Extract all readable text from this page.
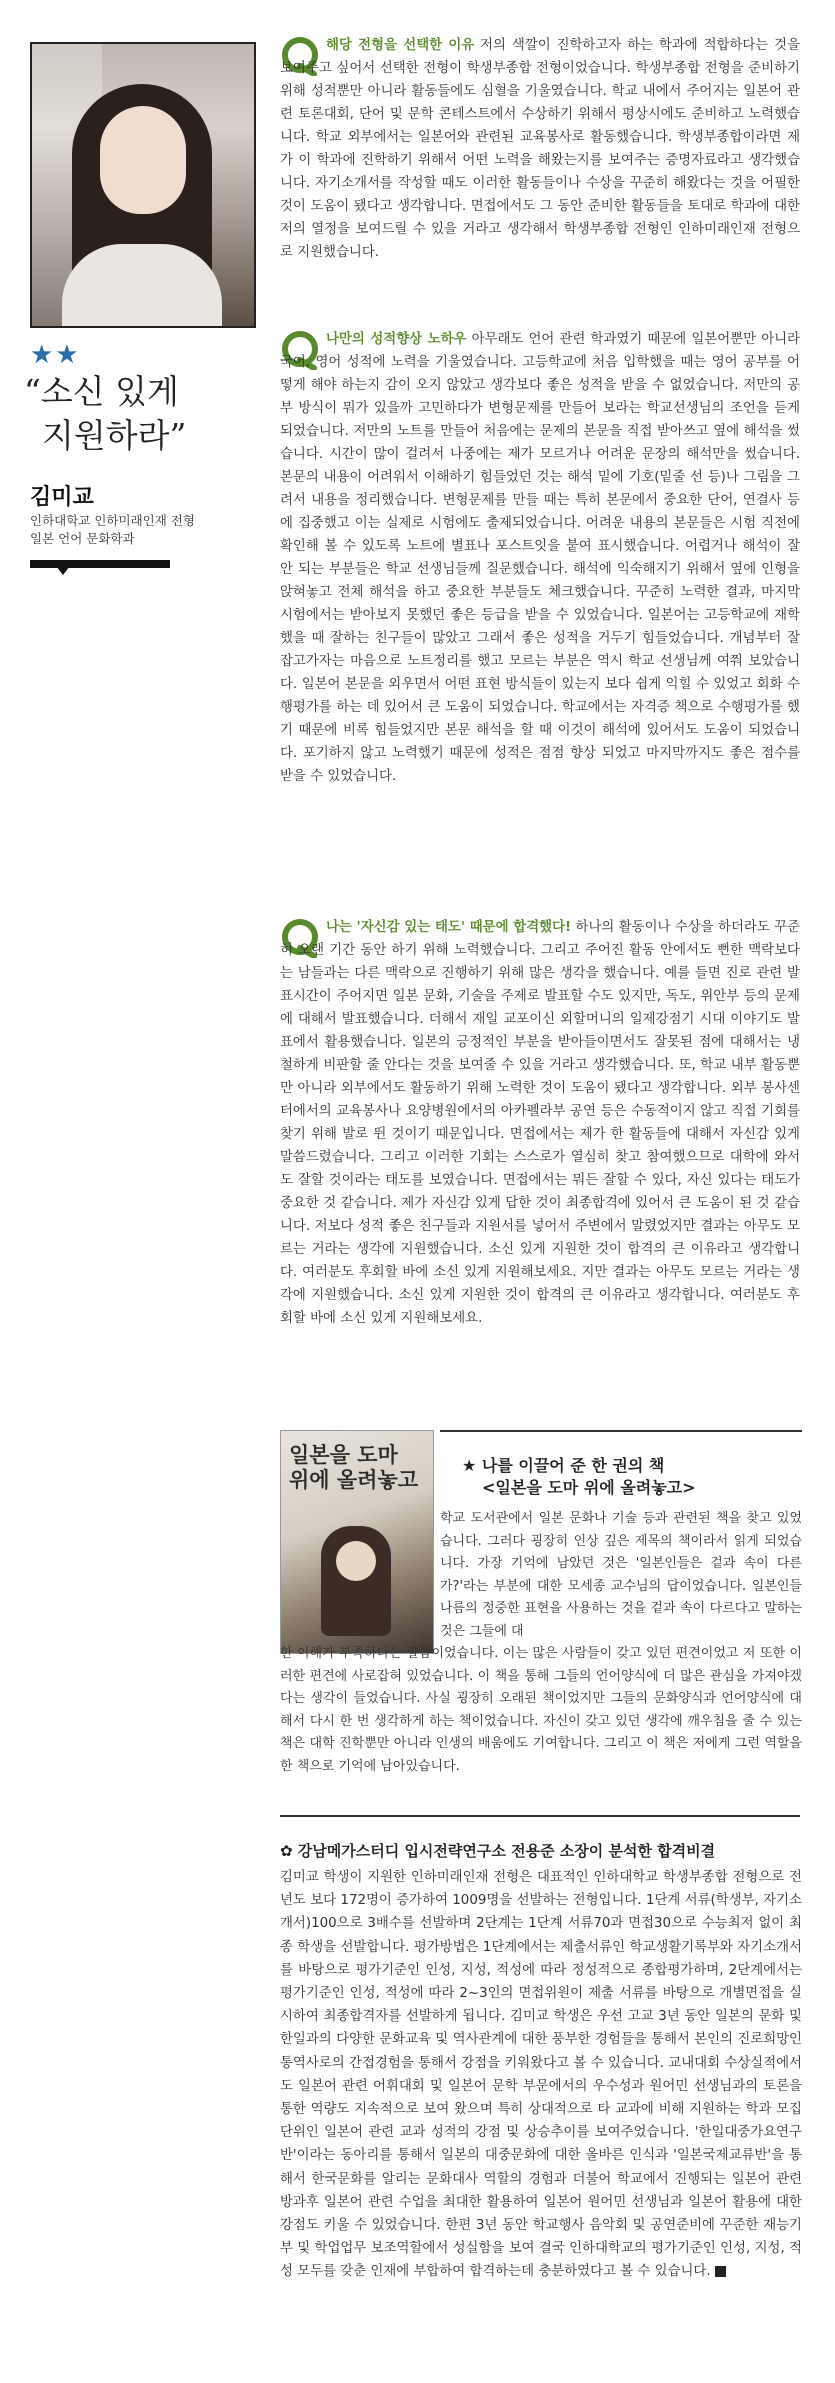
★★
“소신 있게
지원하라”
김미교
인하대학교 인하미래인재 전형
일본 언어 문화학과
해당 전형을 선택한 이유 저의 색깔이 진학하고자 하는 학과에 적합하다는 것을 보여주고 싶어서 선택한 전형이 학생부종합 전형이었습니다. 학생부종합 전형을 준비하기 위해 성적뿐만 아니라 활동들에도 심혈을 기울였습니다. 학교 내에서 주어지는 일본어 관련 토론대회, 단어 및 문학 콘테스트에서 수상하기 위해서 평상시에도 준비하고 노력했습니다. 학교 외부에서는 일본어와 관련된 교육봉사로 활동했습니다. 학생부종합이라면 제가 이 학과에 진학하기 위해서 어떤 노력을 해왔는지를 보여주는 증명자료라고 생각했습니다. 자기소개서를 작성할 때도 이러한 활동들이나 수상을 꾸준히 해왔다는 것을 어필한 것이 도움이 됐다고 생각합니다. 면접에서도 그 동안 준비한 활동들을 토대로 학과에 대한 저의 열정을 보여드릴 수 있을 거라고 생각해서 학생부종합 전형인 인하미래인재 전형으로 지원했습니다.
나만의 성적향상 노하우 아무래도 언어 관련 학과였기 때문에 일본어뿐만 아니라 국어, 영어 성적에 노력을 기울였습니다. 고등학교에 처음 입학했을 때는 영어 공부를 어떻게 해야 하는지 감이 오지 않았고 생각보다 좋은 성적을 받을 수 없었습니다. 저만의 공부 방식이 뭐가 있을까 고민하다가 변형문제를 만들어 보라는 학교선생님의 조언을 듣게 되었습니다. 저만의 노트를 만들어 처음에는 문제의 본문을 직접 받아쓰고 옆에 해석을 썼습니다. 시간이 많이 걸려서 나중에는 제가 모르거나 어려운 문장의 해석만을 썼습니다. 본문의 내용이 어려워서 이해하기 힘들었던 것는 해석 밑에 기호(밑줄 선 등)나 그림을 그려서 내용을 정리했습니다. 변형문제를 만들 때는 특히 본문에서 중요한 단어, 연결사 등에 집중했고 이는 실제로 시험에도 출제되었습니다. 어려운 내용의 본문들은 시험 직전에 확인해 볼 수 있도록 노트에 별표나 포스트잇을 붙여 표시했습니다. 어렵거나 해석이 잘 안 되는 부분들은 학교 선생님들께 질문했습니다. 해석에 익숙해지기 위해서 옆에 인형을 앉혀놓고 전체 해석을 하고 중요한 부분들도 체크했습니다. 꾸준히 노력한 결과, 마지막 시험에서는 받아보지 못했던 좋은 등급을 받을 수 있었습니다. 일본어는 고등학교에 재학했을 때 잘하는 친구들이 많았고 그래서 좋은 성적을 거두기 힘들었습니다. 개념부터 잘 잡고가자는 마음으로 노트정리를 했고 모르는 부분은 역시 학교 선생님께 여쭤 보았습니다. 일본어 본문을 외우면서 어떤 표현 방식들이 있는지 보다 쉽게 익힐 수 있었고 회화 수행평가를 하는 데 있어서 큰 도움이 되었습니다. 학교에서는 자격증 책으로 수행평가를 했기 때문에 비록 힘들었지만 본문 해석을 할 때 이것이 해석에 있어서도 도움이 되었습니다. 포기하지 않고 노력했기 때문에 성적은 점점 향상 되었고 마지막까지도 좋은 점수를 받을 수 있었습니다.
나는 '자신감 있는 태도' 때문에 합격했다! 하나의 활동이나 수상을 하더라도 꾸준히 오랜 기간 동안 하기 위해 노력했습니다. 그리고 주어진 활동 안에서도 뻔한 맥락보다는 남들과는 다른 맥락으로 진행하기 위해 많은 생각을 했습니다. 예를 들면 진로 관련 발표시간이 주어지면 일본 문화, 기술을 주제로 발표할 수도 있지만, 독도, 위안부 등의 문제에 대해서 발표했습니다. 더해서 재일 교포이신 외할머니의 일제강점기 시대 이야기도 발표에서 활용했습니다. 일본의 긍정적인 부분을 받아들이면서도 잘못된 점에 대해서는 냉철하게 비판할 줄 안다는 것을 보여줄 수 있을 거라고 생각했습니다. 또, 학교 내부 활동뿐만 아니라 외부에서도 활동하기 위해 노력한 것이 도움이 됐다고 생각합니다. 외부 봉사센터에서의 교육봉사나 요양병원에서의 아카펠라부 공연 등은 수동적이지 않고 직접 기회를 찾기 위해 발로 뛴 것이기 때문입니다. 면접에서는 제가 한 활동들에 대해서 자신감 있게 말씀드렸습니다. 그리고 이러한 기회는 스스로가 열심히 찾고 참여했으므로 대학에 와서도 잘할 것이라는 태도를 보였습니다. 면접에서는 뭐든 잘할 수 있다, 자신 있다는 태도가 중요한 것 같습니다. 제가 자신감 있게 답한 것이 최종합격에 있어서 큰 도움이 된 것 같습니다. 저보다 성적 좋은 친구들과 지원서를 넣어서 주변에서 말렸었지만 결과는 아무도 모르는 거라는 생각에 지원했습니다. 소신 있게 지원한 것이 합격의 큰 이유라고 생각합니다. 여러분도 후회할 바에 소신 있게 지원해보세요. 지만 결과는 아무도 모르는 거라는 생각에 지원했습니다. 소신 있게 지원한 것이 합격의 큰 이유라고 생각합니다. 여러분도 후회할 바에 소신 있게 지원해보세요.
일본을 도마 위에 올려놓고
★ 나를 이끌어 준 한 권의 책
<일본을 도마 위에 올려놓고>
학교 도서관에서 일본 문화나 기술 등과 관련된 책을 찾고 있었습니다. 그러다 굉장히 인상 깊은 제목의 책이라서 읽게 되었습니다. 가장 기억에 남았던 것은 '일본인들은 겉과 속이 다른가?'라는 부분에 대한 모세종 교수님의 답이었습니다. 일본인들 나름의 정중한 표현을 사용하는 것을 겉과 속이 다르다고 말하는 것은 그들에 대
한 이해가 부족하다는 말씀이었습니다. 이는 많은 사람들이 갖고 있던 편견이었고 저 또한 이러한 편견에 사로잡혀 있었습니다. 이 책을 통해 그들의 언어양식에 더 많은 관심을 가져야겠다는 생각이 들었습니다. 사실 굉장히 오래된 책이었지만 그들의 문화양식과 언어양식에 대해서 다시 한 번 생각하게 하는 책이었습니다. 자신이 갖고 있던 생각에 깨우침을 줄 수 있는 책은 대학 진학뿐만 아니라 인생의 배움에도 기여합니다. 그리고 이 책은 저에게 그런 역할을 한 책으로 기억에 남아있습니다.
✿ 강남메가스터디 입시전략연구소 전용준 소장이 분석한 합격비결
김미교 학생이 지원한 인하미래인재 전형은 대표적인 인하대학교 학생부종합 전형으로 전년도 보다 172명이 증가하여 1009명을 선발하는 전형입니다. 1단계 서류(학생부, 자기소개서)100으로 3배수를 선발하며 2단계는 1단계 서류70과 면접30으로 수능최저 없이 최종 학생을 선발합니다. 평가방법은 1단계에서는 제출서류인 학교생활기록부와 자기소개서를 바탕으로 평가기준인 인성, 지성, 적성에 따라 정성적으로 종합평가하며, 2단계에서는 평가기준인 인성, 적성에 따라 2~3인의 면접위원이 제출 서류를 바탕으로 개별면접을 실시하여 최종합격자를 선발하게 됩니다. 김미교 학생은 우선 고교 3년 동안 일본의 문화 및 한일과의 다양한 문화교육 및 역사관계에 대한 풍부한 경험들을 통해서 본인의 진로희망인 통역사로의 간접경험을 통해서 강점을 키워왔다고 볼 수 있습니다. 교내대회 수상실적에서도 일본어 관련 어휘대회 및 일본어 문학 부문에서의 우수성과 원어민 선생님과의 토론을 통한 역량도 지속적으로 보여 왔으며 특히 상대적으로 타 교과에 비해 지원하는 학과 모집단위인 일본어 관련 교과 성적의 강점 및 상승추이를 보여주었습니다. '한일대중가요연구반'이라는 동아리를 통해서 일본의 대중문화에 대한 올바른 인식과 '일본국제교류반'을 통해서 한국문화를 알리는 문화대사 역할의 경험과 더불어 학교에서 진행되는 일본어 관련 방과후 일본어 관련 수업을 최대한 활용하여 일본어 원어민 선생님과 일본어 활용에 대한 강점도 키울 수 있었습니다. 한편 3년 동안 학교행사 음악회 및 공연준비에 꾸준한 재능기부 및 학업업무 보조역할에서 성실함을 보여 결국 인하대학교의 평가기준인 인성, 지성, 적성 모두를 갖춘 인재에 부합하여 합격하는데 충분하였다고 볼 수 있습니다.
